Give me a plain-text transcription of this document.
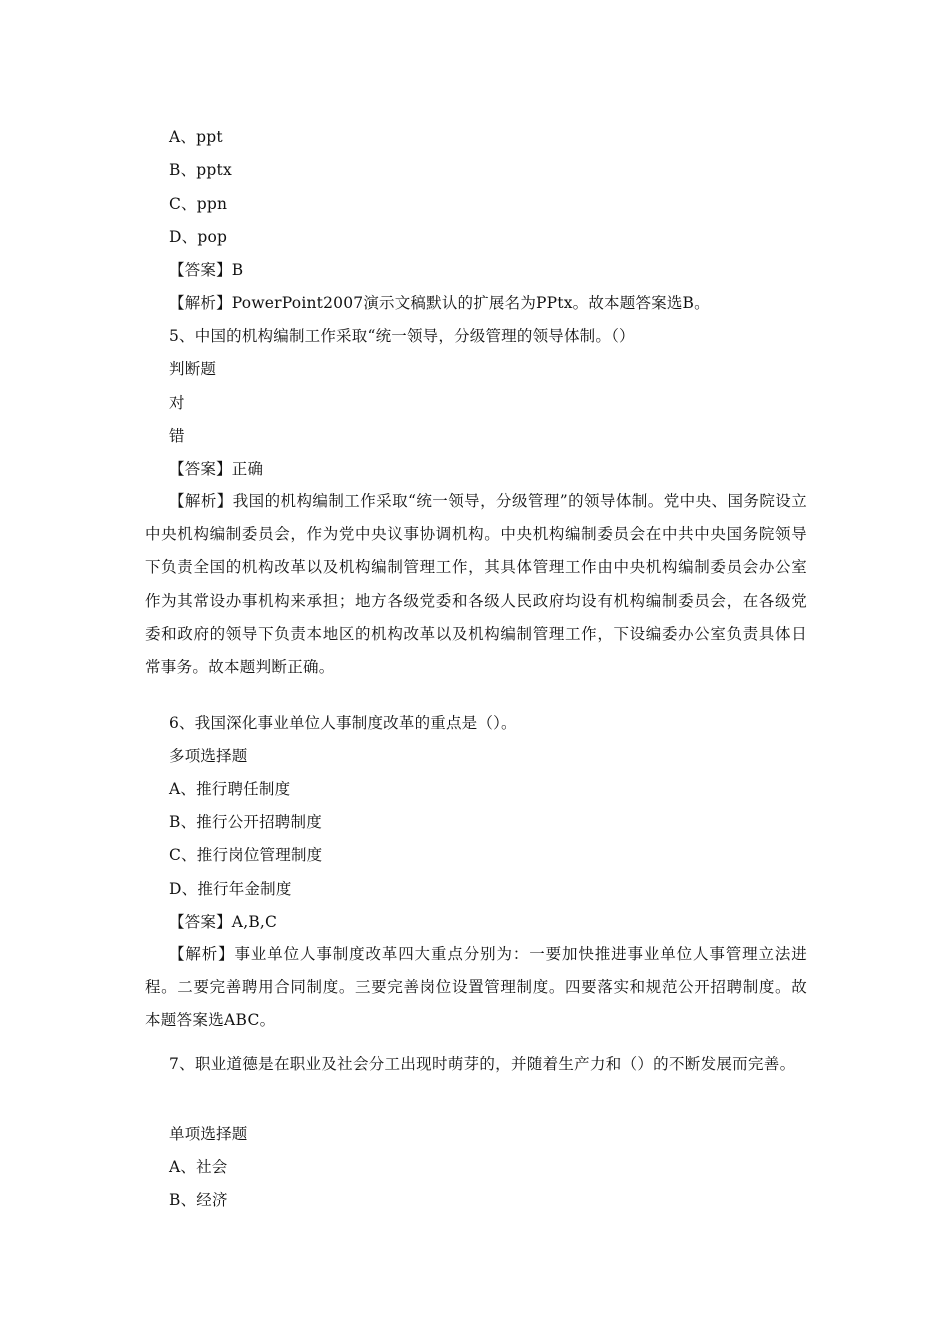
A、ppt
B、pptx
C、ppn
D、pop
【答案】B
【解析】PowerPoint2007演示文稿默认的扩展名为PPtx。故本题答案选B。
5、中国的机构编制工作采取“统一领导，分级管理的领导体制。（）
判断题
对
错
【答案】正确
【解析】我国的机构编制工作采取“统一领导，分级管理”的领导体制。党中央、国务院设立中央机构编制委员会，作为党中央议事协调机构。中央机构编制委员会在中共中央国务院领导下负责全国的机构改革以及机构编制管理工作，其具体管理工作由中央机构编制委员会办公室作为其常设办事机构来承担；地方各级党委和各级人民政府均设有机构编制委员会，在各级党委和政府的领导下负责本地区的机构改革以及机构编制管理工作，下设编委办公室负责具体日常事务。故本题判断正确。
6、我国深化事业单位人事制度改革的重点是（）。
多项选择题
A、推行聘任制度
B、推行公开招聘制度
C、推行岗位管理制度
D、推行年金制度
【答案】A,B,C
【解析】事业单位人事制度改革四大重点分别为：一要加快推进事业单位人事管理立法进程。二要完善聘用合同制度。三要完善岗位设置管理制度。四要落实和规范公开招聘制度。故本题答案选ABC。
7、职业道德是在职业及社会分工出现时萌芽的，并随着生产力和（）的不断发展而完善。
单项选择题
A、社会
B、经济
